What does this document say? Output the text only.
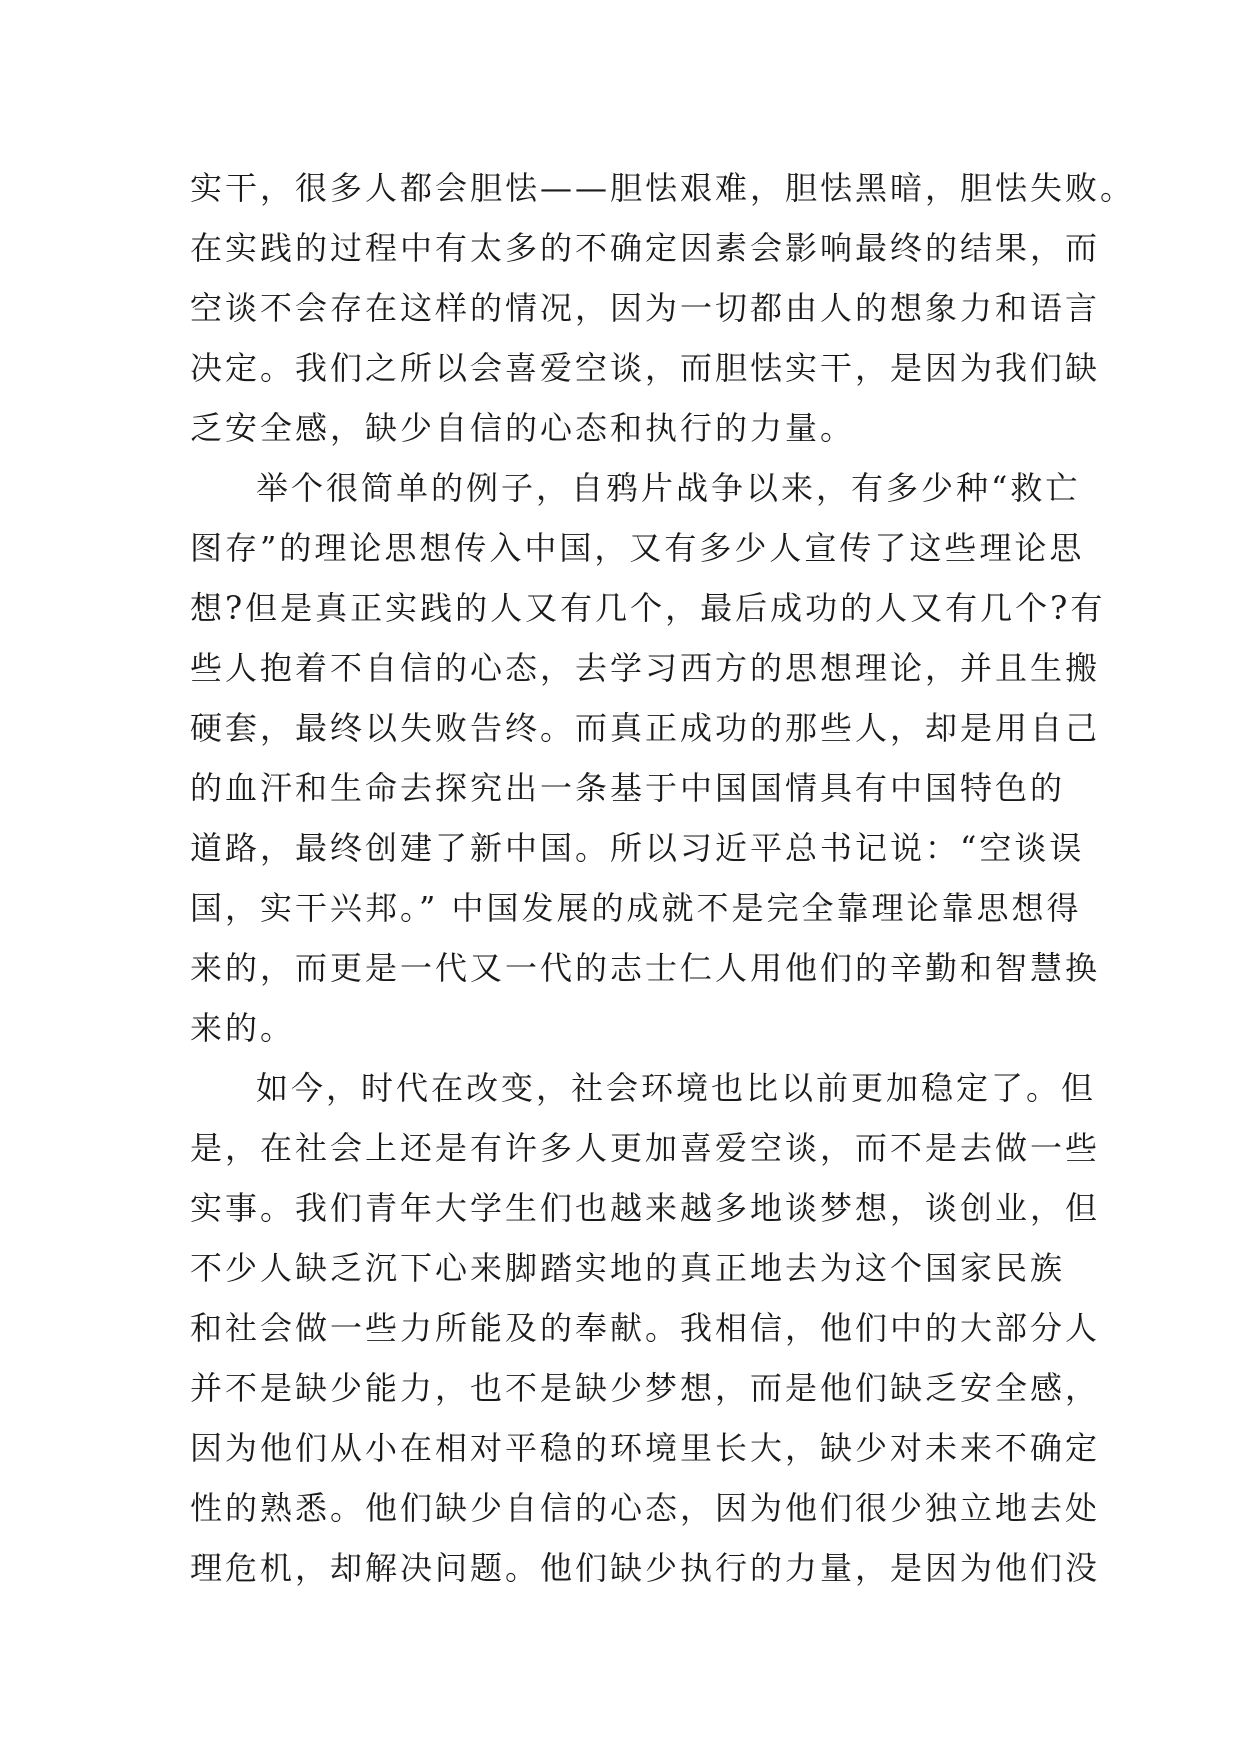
实干，很多人都会胆怯——胆怯艰难，胆怯黑暗，胆怯失败。
在实践的过程中有太多的不确定因素会影响最终的结果，而
空谈不会存在这样的情况，因为一切都由人的想象力和语言
决定。我们之所以会喜爱空谈，而胆怯实干，是因为我们缺
乏安全感，缺少自信的心态和执行的力量。
举个很简单的例子，自鸦片战争以来，有多少种“救亡
图存”的理论思想传入中国，又有多少人宣传了这些理论思
想?但是真正实践的人又有几个，最后成功的人又有几个?有
些人抱着不自信的心态，去学习西方的思想理论，并且生搬
硬套，最终以失败告终。而真正成功的那些人，却是用自己
的血汗和生命去探究出一条基于中国国情具有中国特色的
道路，最终创建了新中国。所以习近平总书记说：“空谈误
国，实干兴邦。” 中国发展的成就不是完全靠理论靠思想得
来的，而更是一代又一代的志士仁人用他们的辛勤和智慧换
来的。
如今，时代在改变，社会环境也比以前更加稳定了。但
是，在社会上还是有许多人更加喜爱空谈，而不是去做一些
实事。我们青年大学生们也越来越多地谈梦想，谈创业，但
不少人缺乏沉下心来脚踏实地的真正地去为这个国家民族
和社会做一些力所能及的奉献。我相信，他们中的大部分人
并不是缺少能力，也不是缺少梦想，而是他们缺乏安全感，
因为他们从小在相对平稳的环境里长大，缺少对未来不确定
性的熟悉。他们缺少自信的心态，因为他们很少独立地去处
理危机，却解决问题。他们缺少执行的力量，是因为他们没
